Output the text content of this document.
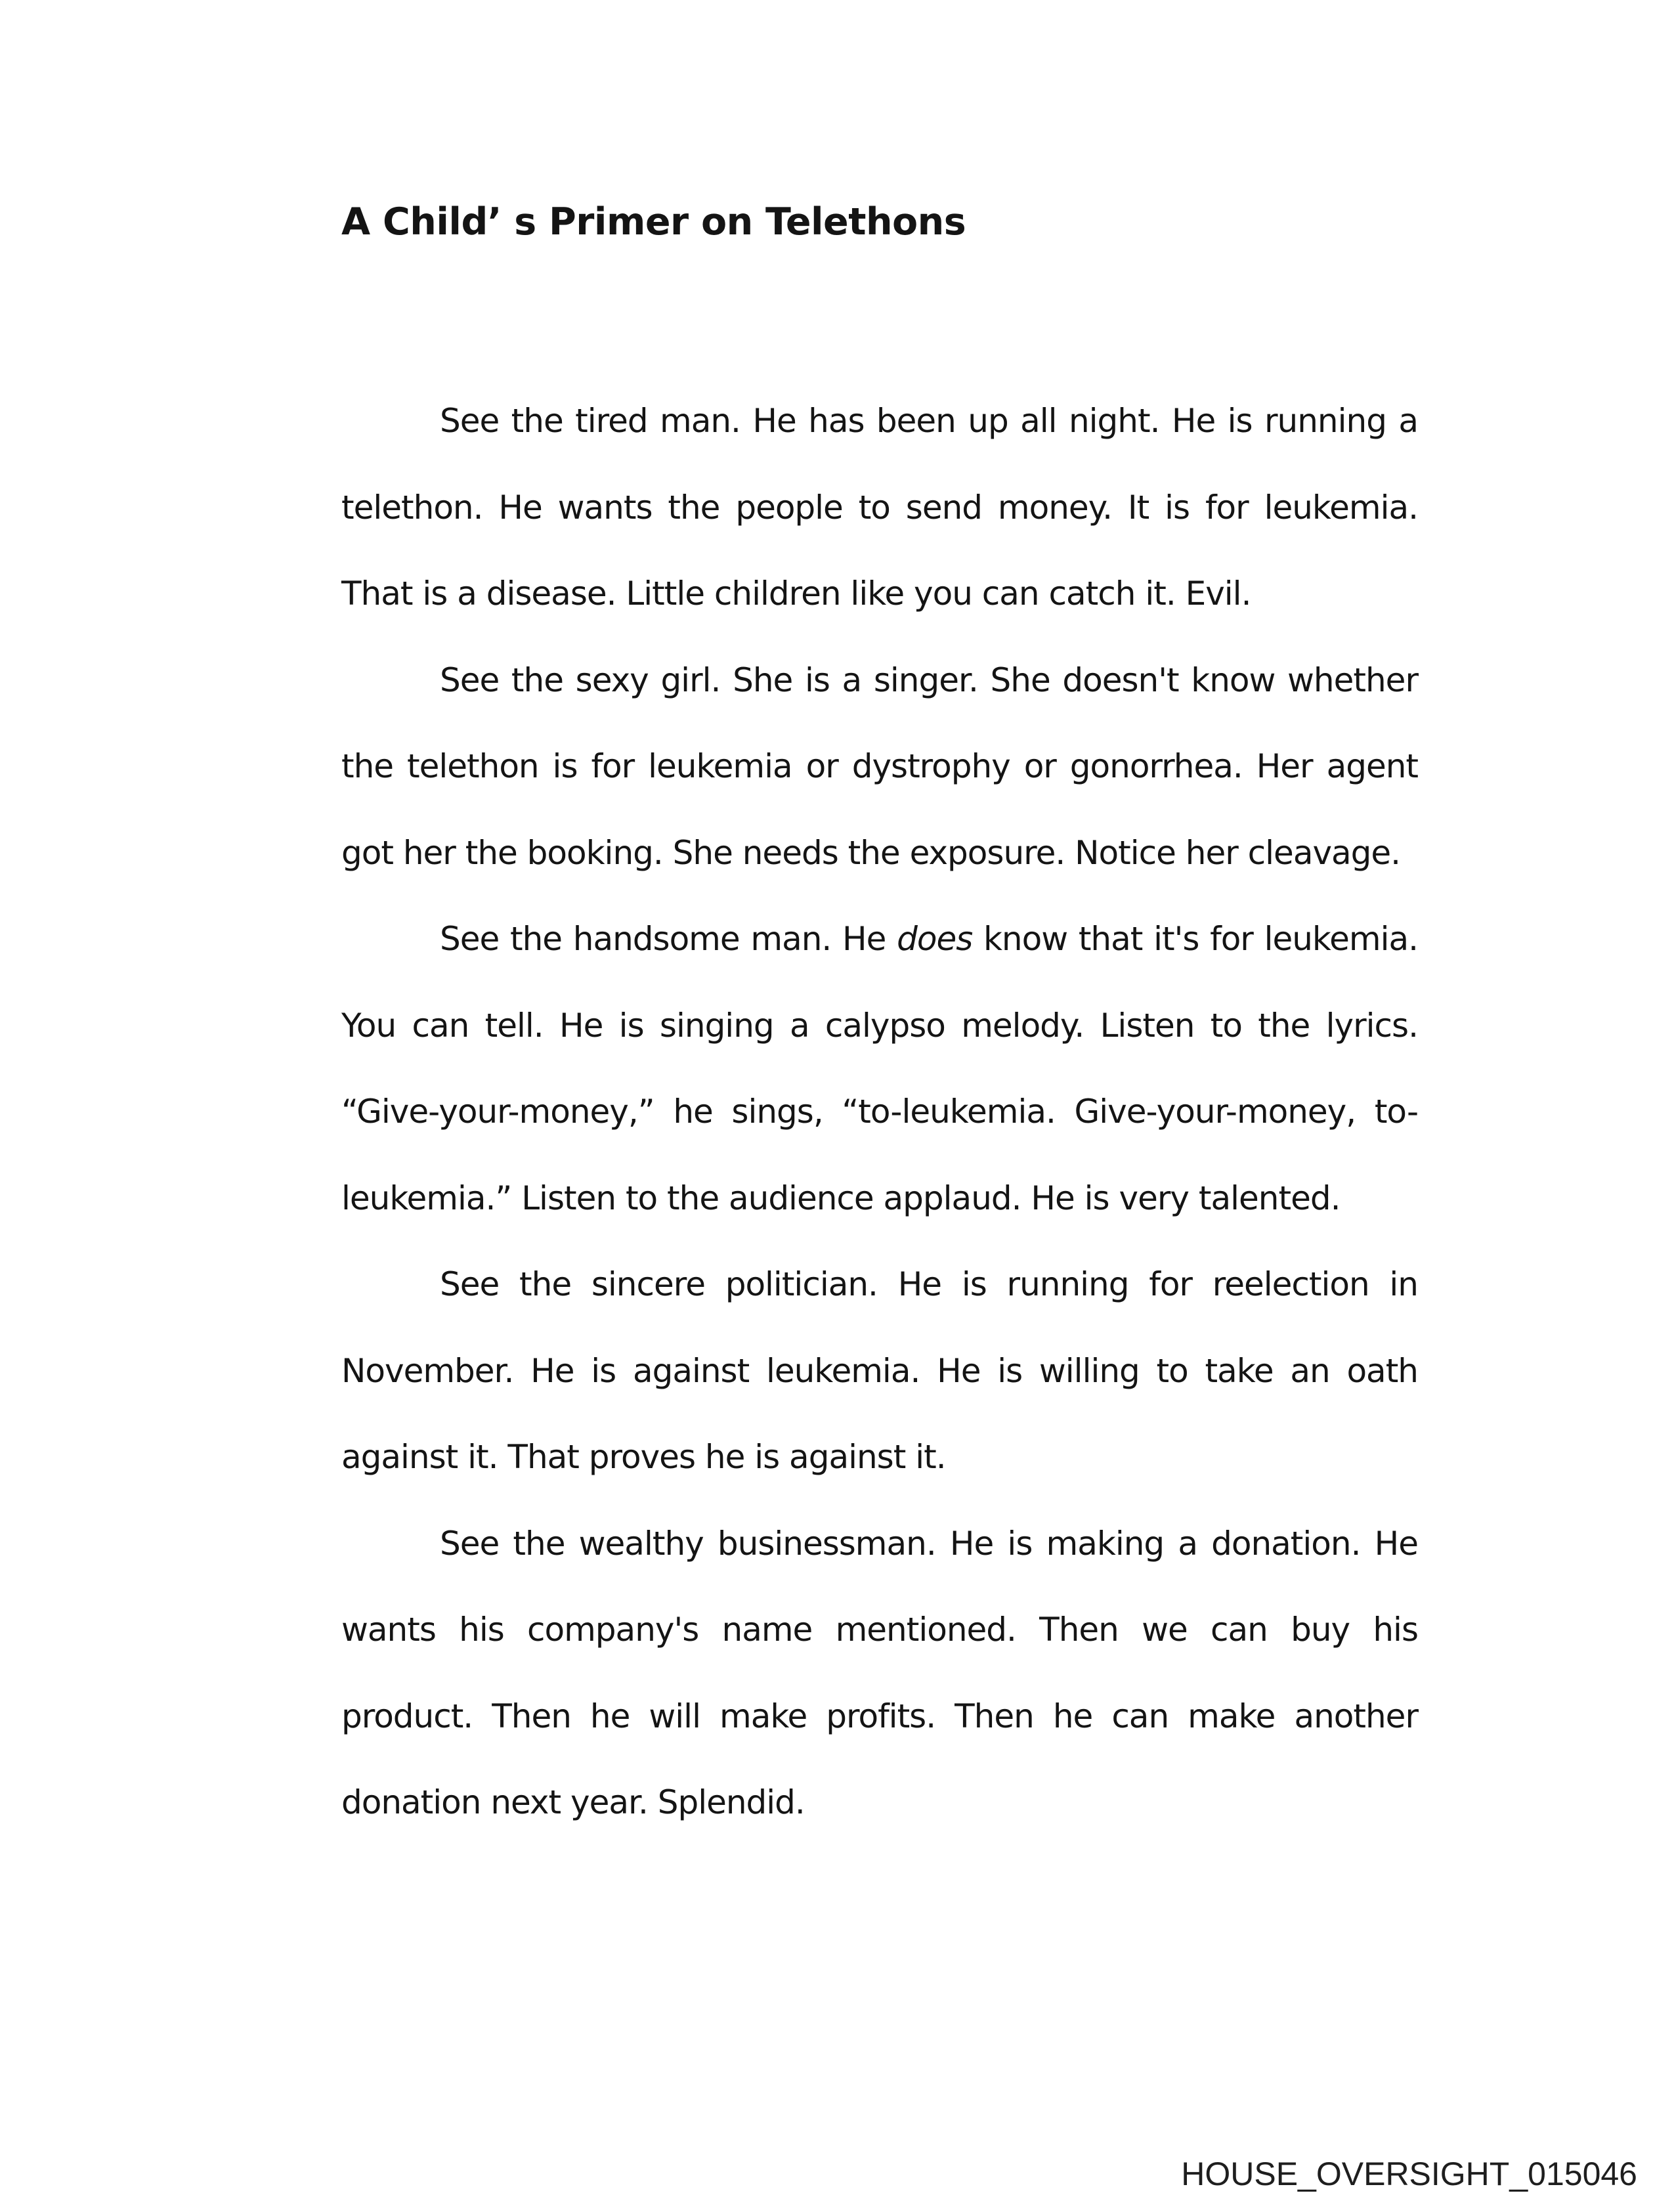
A Child’ s Primer on Telethons

See the tired man. He has been up all night. He is running a telethon. He wants the people to send money. It is for leukemia. That is a disease. Little children like you can catch it. Evil.

See the sexy girl. She is a singer. She doesn't know whether the telethon is for leukemia or dystrophy or gonorrhea. Her agent got her the booking. She needs the exposure. Notice her cleavage.

See the handsome man. He does know that it's for leukemia. You can tell. He is singing a calypso melody. Listen to the lyrics. “Give-your-money,” he sings, “to-leukemia. Give-your-money, to-leukemia.” Listen to the audience applaud. He is very talented.

See the sincere politician. He is running for reelection in November. He is against leukemia. He is willing to take an oath against it. That proves he is against it.

See the wealthy businessman. He is making a donation. He wants his company's name mentioned. Then we can buy his product. Then he will make profits. Then he can make another donation next year. Splendid.

HOUSE_OVERSIGHT_015046
